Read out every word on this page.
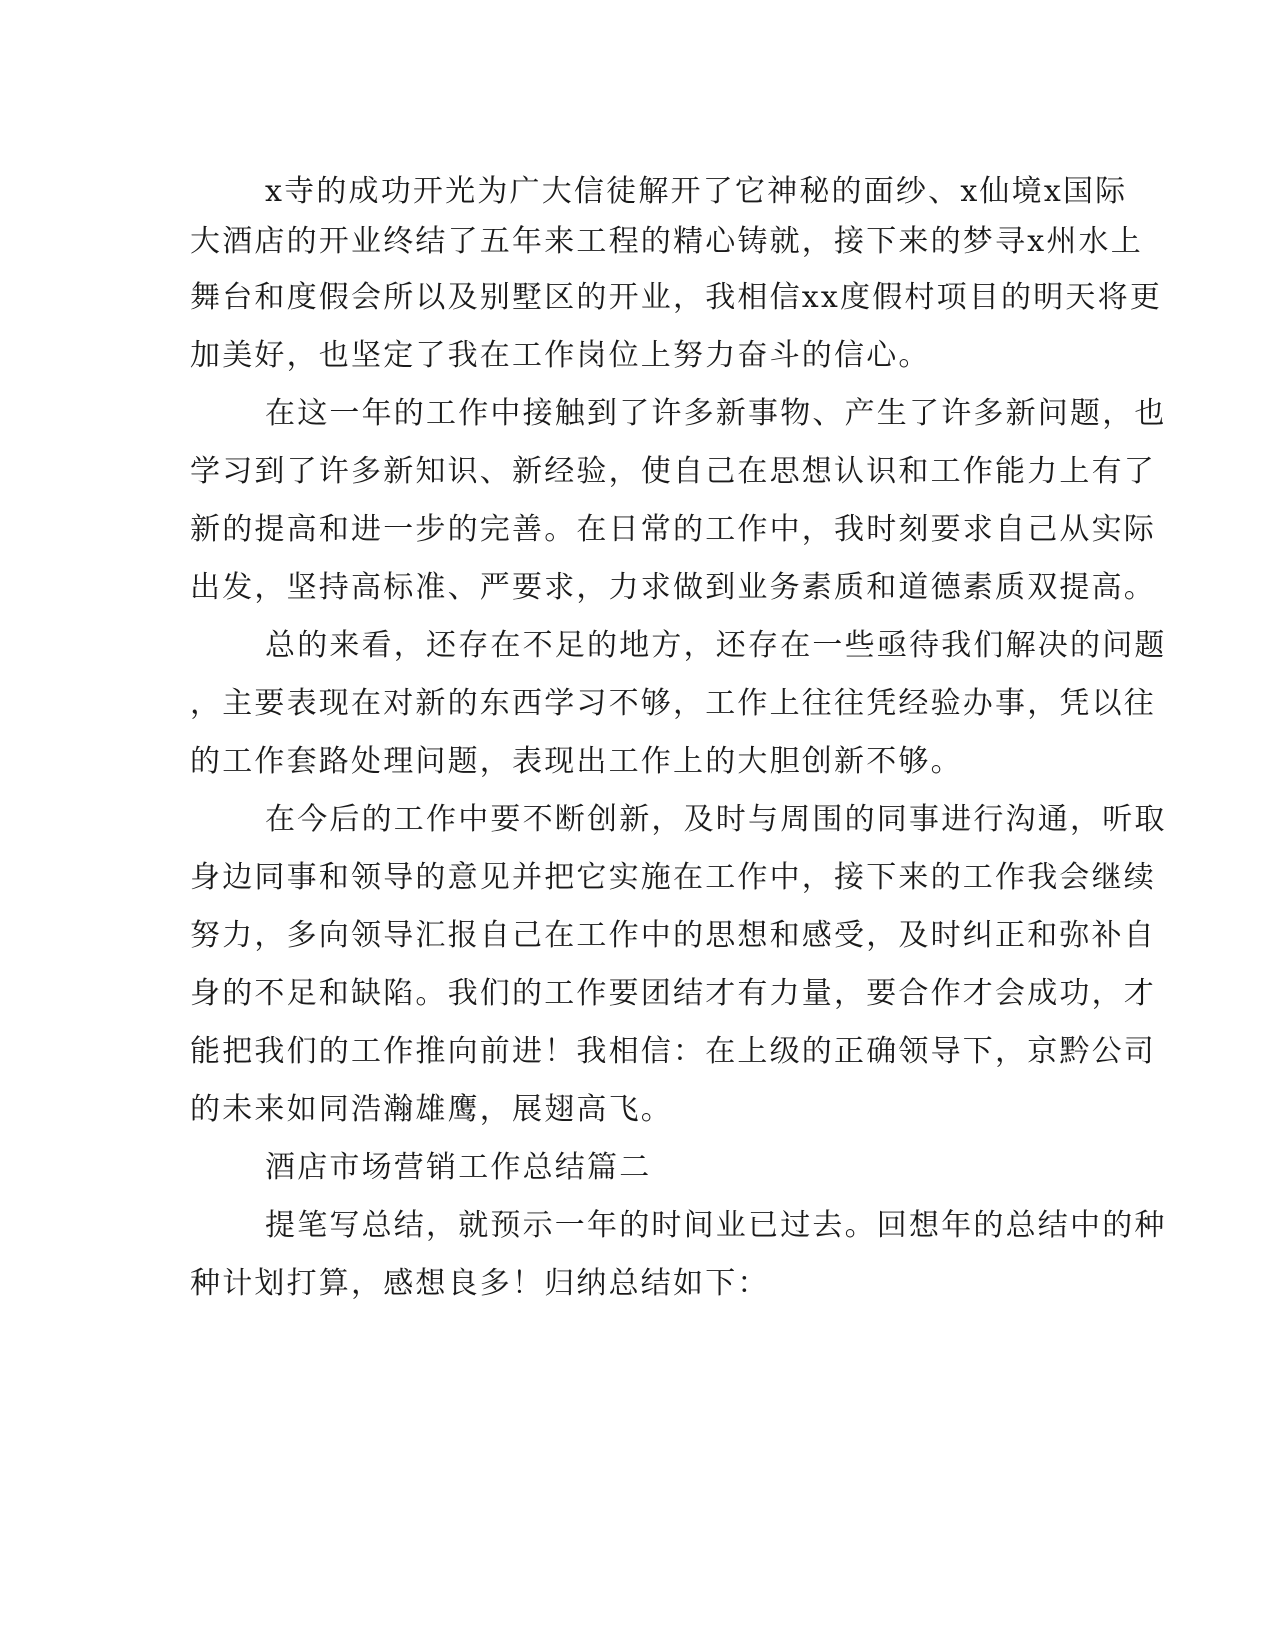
x寺的成功开光为广大信徒解开了它神秘的面纱、x仙境x国际
大酒店的开业终结了五年来工程的精心铸就，接下来的梦寻x州水上
舞台和度假会所以及别墅区的开业，我相信xx度假村项目的明天将更
加美好，也坚定了我在工作岗位上努力奋斗的信心。
在这一年的工作中接触到了许多新事物、产生了许多新问题，也
学习到了许多新知识、新经验，使自己在思想认识和工作能力上有了
新的提高和进一步的完善。在日常的工作中，我时刻要求自己从实际
出发，坚持高标准、严要求，力求做到业务素质和道德素质双提高。
总的来看，还存在不足的地方，还存在一些亟待我们解决的问题
，主要表现在对新的东西学习不够，工作上往往凭经验办事，凭以往
的工作套路处理问题，表现出工作上的大胆创新不够。
在今后的工作中要不断创新，及时与周围的同事进行沟通，听取
身边同事和领导的意见并把它实施在工作中，接下来的工作我会继续
努力，多向领导汇报自己在工作中的思想和感受，及时纠正和弥补自
身的不足和缺陷。我们的工作要团结才有力量，要合作才会成功，才
能把我们的工作推向前进！我相信：在上级的正确领导下，京黔公司
的未来如同浩瀚雄鹰，展翅高飞。
酒店市场营销工作总结篇二
提笔写总结，就预示一年的时间业已过去。回想年的总结中的种
种计划打算，感想良多！归纳总结如下：
